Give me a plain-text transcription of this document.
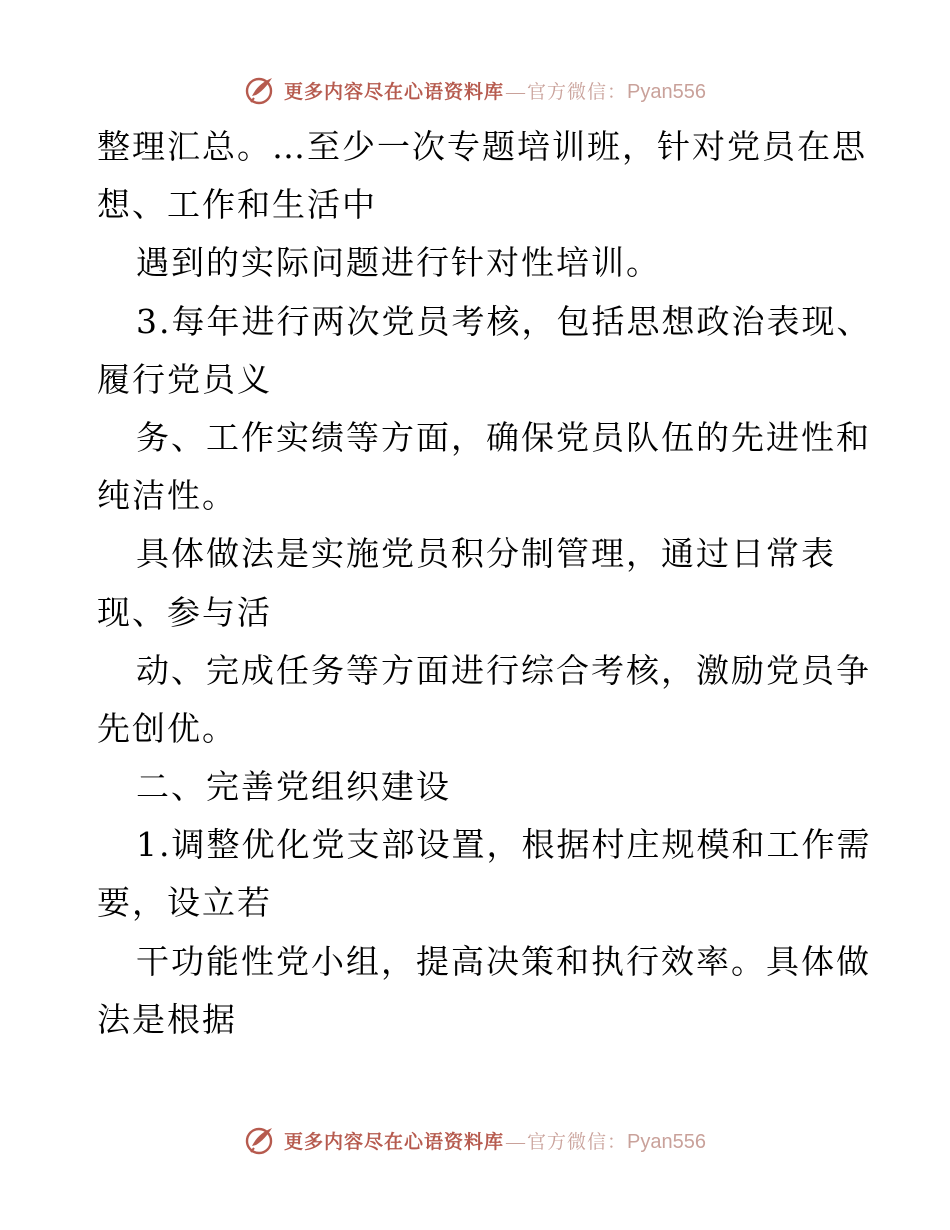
更多内容尽在心语资料库 — 官方微信： Pyan556
整理汇总。…至少一次专题培训班，针对党员在思
想、工作和生活中
遇到的实际问题进行针对性培训。
3.每年进行两次党员考核，包括思想政治表现、
履行党员义
务、工作实绩等方面，确保党员队伍的先进性和
纯洁性。
具体做法是实施党员积分制管理，通过日常表
现、参与活
动、完成任务等方面进行综合考核，激励党员争
先创优。
二、完善党组织建设
1.调整优化党支部设置，根据村庄规模和工作需
要，设立若
干功能性党小组，提高决策和执行效率。具体做
法是根据
更多内容尽在心语资料库 — 官方微信： Pyan556
